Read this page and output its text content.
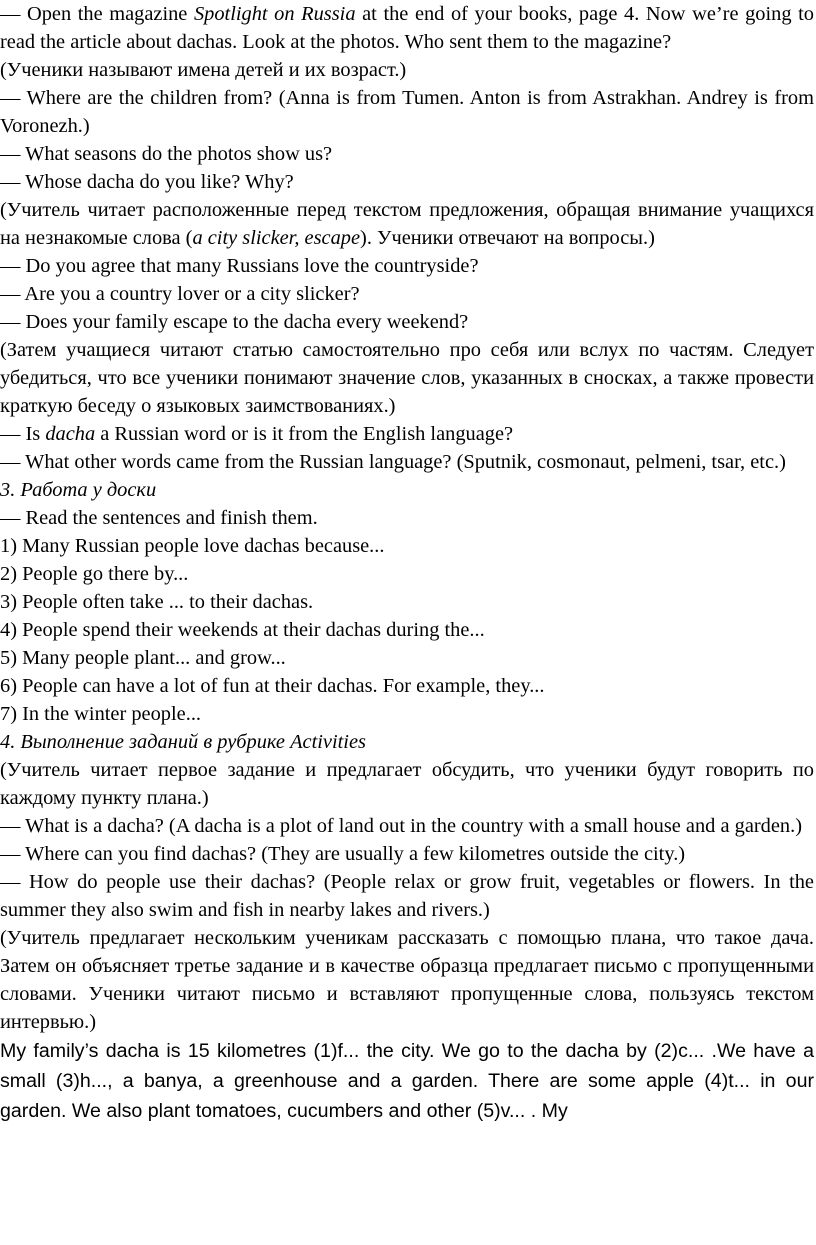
— Open the magazine Spotlight on Russia at the end of your books, page 4. Now we’re going to read the article about dachas. Look at the photos. Who sent them to the magazine?

(Ученики называют имена детей и их возраст.)

— Where are the children from? (Anna is from Tumen. Anton is from Astrakhan. Andrey is from Voronezh.)

— What seasons do the photos show us?

— Whose dacha do you like? Why?

(Учитель читает расположенные перед текстом предложения, обращая внимание учащихся на незнакомые слова (a city slicker, escape). Ученики отвечают на вопросы.)

— Do you agree that many Russians love the countryside?

— Are you a country lover or a city slicker?

— Does your family escape to the dacha every weekend?

(Затем учащиеся читают статью самостоятельно про себя или вслух по частям. Следует убедиться, что все ученики понимают значение слов, указанных в сносках, а также провести краткую беседу о языковых заимствованиях.)

— Is dacha a Russian word or is it from the English language?

— What other words came from the Russian language? (Sputnik, cosmonaut, pelmeni, tsar, etc.)

3. Работа у доски

— Read the sentences and finish them.

1) Many Russian people love dachas because...

2) People go there by...

3) People often take ... to their dachas.

4) People spend their weekends at their dachas during the...

5) Many people plant... and grow...

6) People can have a lot of fun at their dachas. For example, they...

7) In the winter people...

4. Выполнение заданий в рубрике Activities

(Учитель читает первое задание и предлагает обсудить, что ученики будут говорить по каждому пункту плана.)

— What is a dacha? (A dacha is a plot of land out in the country with a small house and a garden.)

— Where can you find dachas? (They are usually a few kilometres outside the city.)

— How do people use their dachas? (People relax or grow fruit, vegetables or flowers. In the summer they also swim and fish in nearby lakes and rivers.)

(Учитель предлагает нескольким ученикам рассказать с помощью плана, что такое дача. Затем он объясняет третье задание и в качестве образца предлагает письмо с пропущенными словами. Ученики читают письмо и вставляют пропущенные слова, пользуясь текстом интервью.)

My family’s dacha is 15 kilometres (1)f... the city. We go to the dacha by (2)c... .We have a small (3)h..., a banya, a greenhouse and a garden. There are some apple (4)t... in our garden. We also plant tomatoes, cucumbers and other (5)v... . My
